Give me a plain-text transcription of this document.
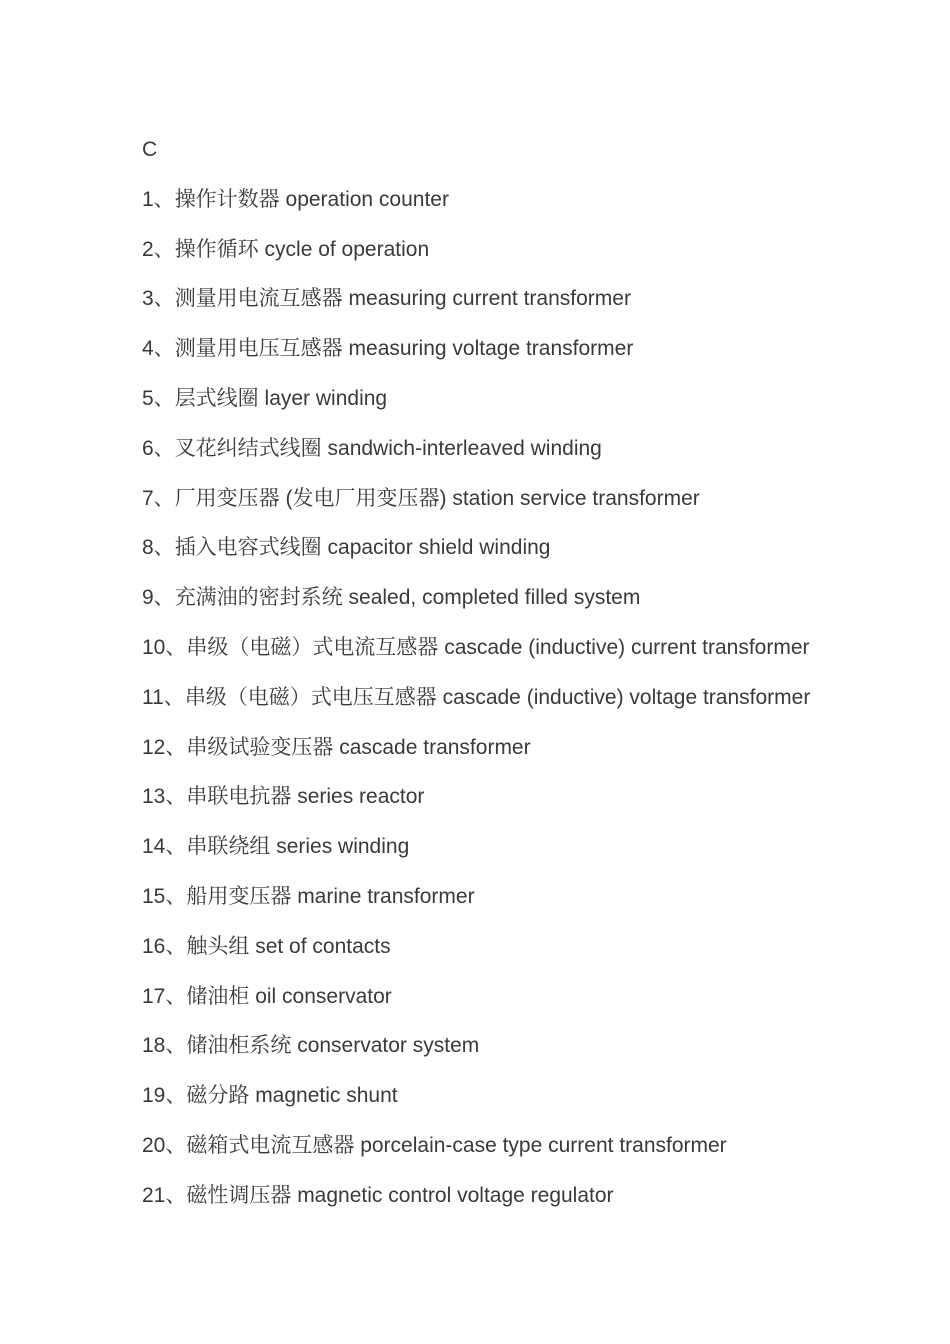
C
1、操作计数器 operation counter
2、操作循环 cycle of operation
3、测量用电流互感器 measuring current transformer
4、测量用电压互感器 measuring voltage transformer
5、层式线圈 layer winding
6、叉花纠结式线圈 sandwich-interleaved winding
7、厂用变压器 (发电厂用变压器) station service transformer
8、插入电容式线圈 capacitor shield winding
9、充满油的密封系统 sealed, completed filled system
10、串级（电磁）式电流互感器 cascade (inductive) current transformer
11、串级（电磁）式电压互感器 cascade (inductive) voltage transformer
12、串级试验变压器 cascade transformer
13、串联电抗器 series reactor
14、串联绕组 series winding
15、船用变压器 marine transformer
16、触头组 set of contacts
17、储油柜 oil conservator
18、储油柜系统 conservator system
19、磁分路 magnetic shunt
20、磁箱式电流互感器 porcelain-case type current transformer
21、磁性调压器 magnetic control voltage regulator
